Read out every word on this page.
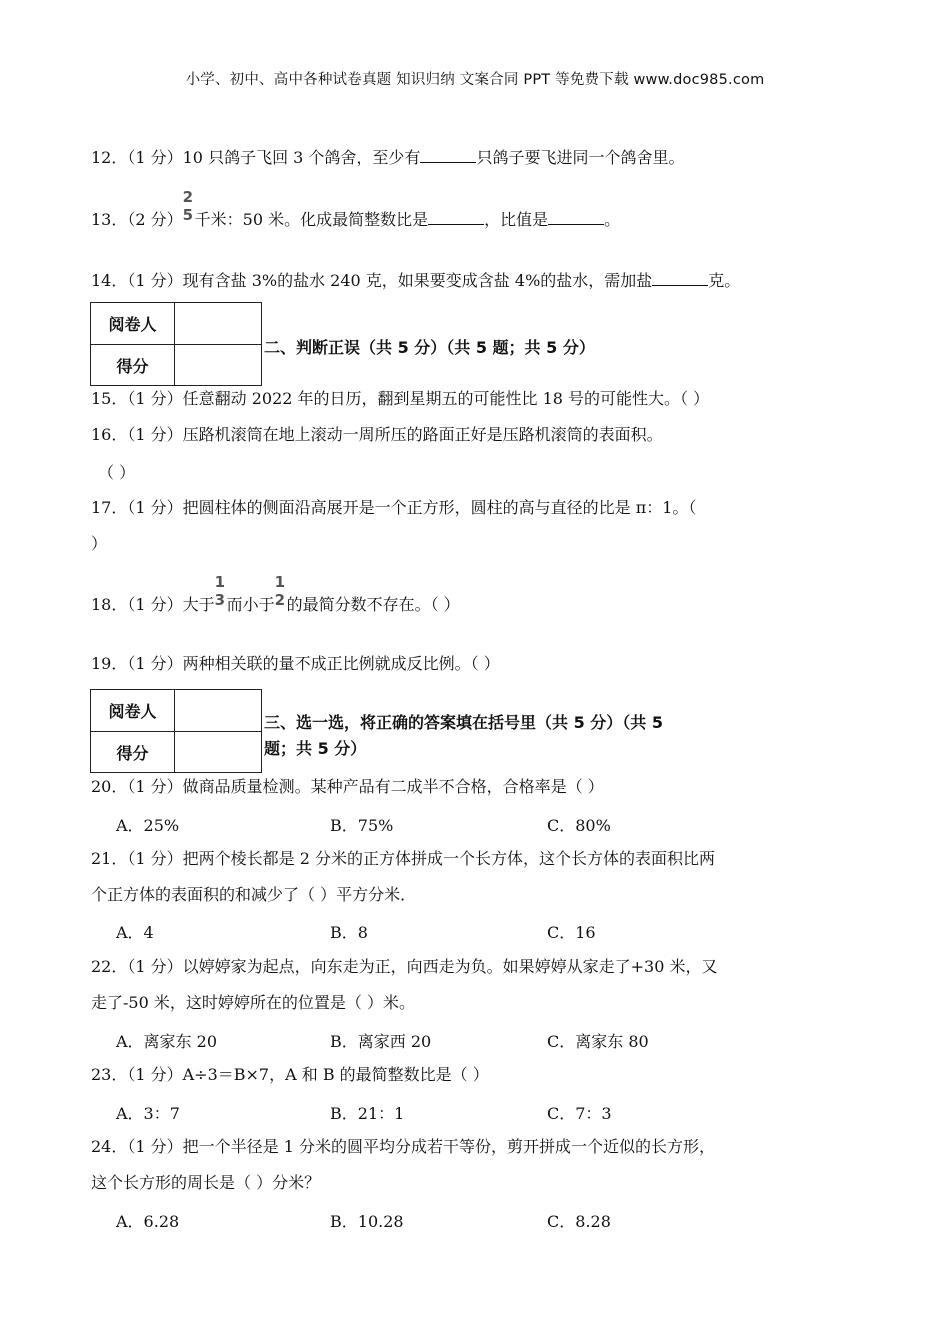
小学、初中、高中各种试卷真题 知识归纳 文案合同 PPT 等免费下载 www.doc985.com
12．（1 分）10 只鸽子飞回 3 个鸽舍，至少有	只鸽子要飞进同一个鸽舍里。
13．（2 分）
2
5 千米：50 米。化成最简整数比是	，比值是	。
14．（1 分）现有含盐 3%的盐水 240 克，如果要变成含盐 4%的盐水，需加盐	克。
阅卷人
得分
二、判断正误（共 5 分）（共 5 题；共 5 分）
15．（1 分）任意翻动 2022 年的日历，翻到星期五的可能性比 18 号的可能性大。（ ）
16．（1 分）压路机滚筒在地上滚动一周所压的路面正好是压路机滚筒的表面积。
（ ）
17．（1 分）把圆柱体的侧面沿高展开是一个正方形，圆柱的高与直径的比是 π：1。（
）
18．（1 分）大于
1
3 而小于
1
2 的最简分数不存在。（ ）
19．（1 分）两种相关联的量不成正比例就成反比例。（ ）
阅卷人
得分
三、选一选，将正确的答案填在括号里（共 5 分）（共 5
题；共 5 分）
20．（1 分）做商品质量检测。某种产品有二成半不合格，合格率是（ ）
A．25%	B．75%	C．80%
21．（1 分）把两个棱长都是 2 分米的正方体拼成一个长方体，这个长方体的表面积比两
个正方体的表面积的和减少了（ ）平方分米．
A．4	B．8	C．16
22．（1 分）以婷婷家为起点，向东走为正，向西走为负。如果婷婷从家走了+30 米，又
走了-50 米，这时婷婷所在的位置是（ ）米。
A．离家东 20	B．离家西 20	C．离家东 80
23．（1 分）A÷3＝B×7，A 和 B 的最简整数比是（ ）
A．3：7	B．21：1	C．7：3
24．（1 分）把一个半径是 1 分米的圆平均分成若干等份，剪开拼成一个近似的长方形，
这个长方形的周长是（ ）分米？
A．6.28	B．10.28	C．8.28
